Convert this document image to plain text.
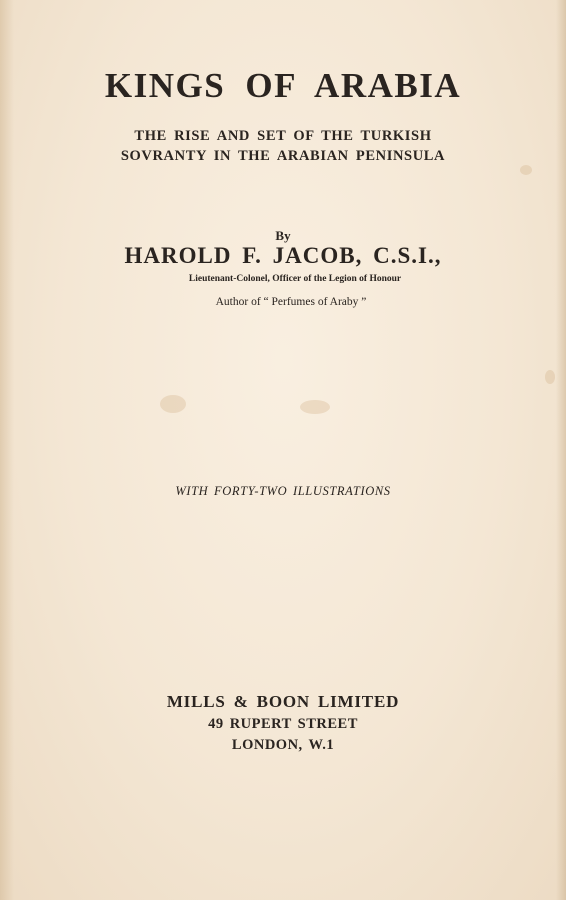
KINGS OF ARABIA
THE RISE AND SET OF THE TURKISH
SOVRANTY IN THE ARABIAN PENINSULA
By
HAROLD F. JACOB, C.S.I.,
Lieutenant-Colonel, Officer of the Legion of Honour
Author of “ Perfumes of Araby ”
WITH FORTY-TWO ILLUSTRATIONS
MILLS & BOON LIMITED
49 RUPERT STREET
LONDON, W.1
